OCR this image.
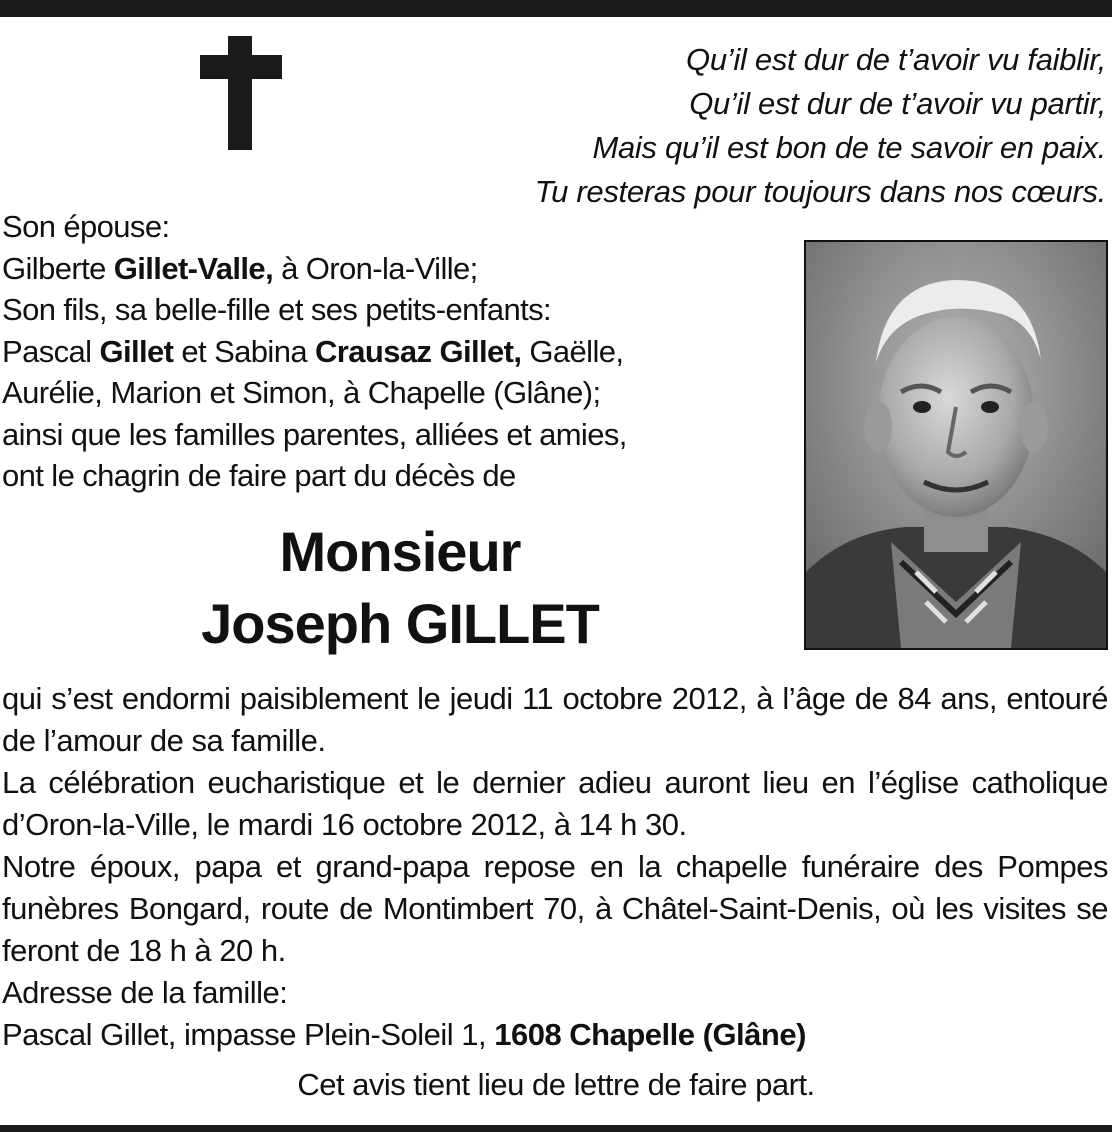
Qu’il est dur de t’avoir vu faiblir,
Qu’il est dur de t’avoir vu partir,
Mais qu’il est bon de te savoir en paix.
Tu resteras pour toujours dans nos cœurs.
Son épouse:
Gilberte Gillet-Valle, à Oron-la-Ville;
Son fils, sa belle-fille et ses petits-enfants:
Pascal Gillet et Sabina Crausaz Gillet, Gaëlle,
Aurélie, Marion et Simon, à Chapelle (Glâne);
ainsi que les familles parentes, alliées et amies,
ont le chagrin de faire part du décès de
Monsieur
Joseph GILLET
qui s’est endormi paisiblement le jeudi 11 octobre 2012, à l’âge de 84 ans, entouré de l’amour de sa famille.
La célébration eucharistique et le dernier adieu auront lieu en l’église catholique d’Oron-la-Ville, le mardi 16 octobre 2012, à 14 h 30.
Notre époux, papa et grand-papa repose en la chapelle funéraire des Pompes funèbres Bongard, route de Montimbert 70, à Châtel-Saint-Denis, où les visites se feront de 18 h à 20 h.
Adresse de la famille:
Pascal Gillet, impasse Plein-Soleil 1, 1608 Chapelle (Glâne)
Cet avis tient lieu de lettre de faire part.
